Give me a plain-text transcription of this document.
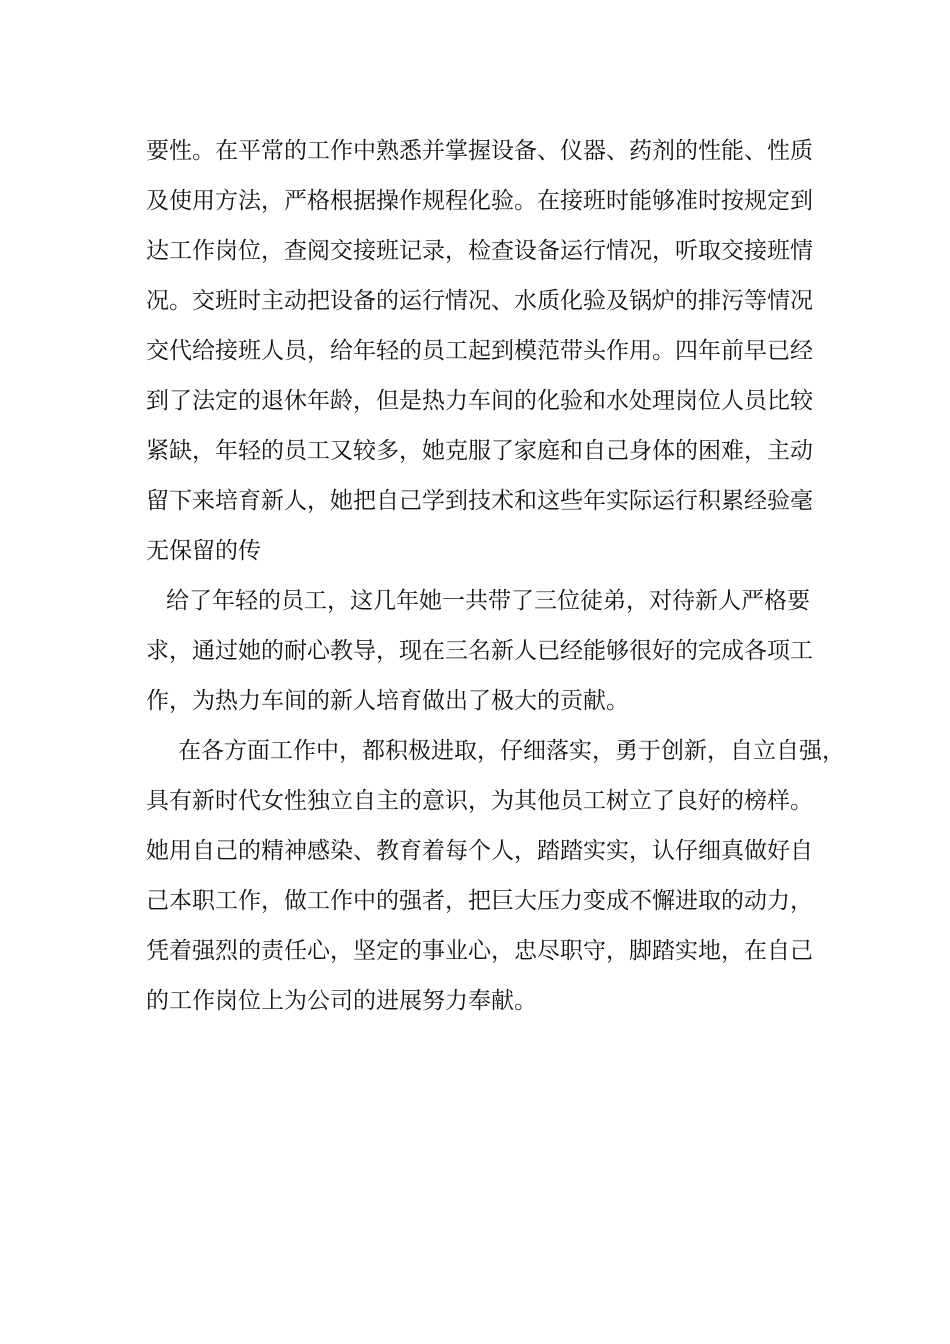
要性。在平常的工作中熟悉并掌握设备、仪器、药剂的性能、性质

及使用方法，严格根据操作规程化验。在接班时能够准时按规定到

达工作岗位，查阅交接班记录，检查设备运行情况，听取交接班情

况。交班时主动把设备的运行情况、水质化验及锅炉的排污等情况

交代给接班人员，给年轻的员工起到模范带头作用。四年前早已经

到了法定的退休年龄，但是热力车间的化验和水处理岗位人员比较

紧缺，年轻的员工又较多，她克服了家庭和自己身体的困难，主动

留下来培育新人，她把自己学到技术和这些年实际运行积累经验毫

无保留的传

给了年轻的员工，这几年她一共带了三位徒弟，对待新人严格要

求，通过她的耐心教导，现在三名新人已经能够很好的完成各项工

作，为热力车间的新人培育做出了极大的贡献。

在各方面工作中，都积极进取，仔细落实，勇于创新，自立自强，

具有新时代女性独立自主的意识，为其他员工树立了良好的榜样。

她用自己的精神感染、教育着每个人，踏踏实实，认仔细真做好自

己本职工作，做工作中的强者，把巨大压力变成不懈进取的动力，

凭着强烈的责任心，坚定的事业心，忠尽职守，脚踏实地，在自己

的工作岗位上为公司的进展努力奉献。
